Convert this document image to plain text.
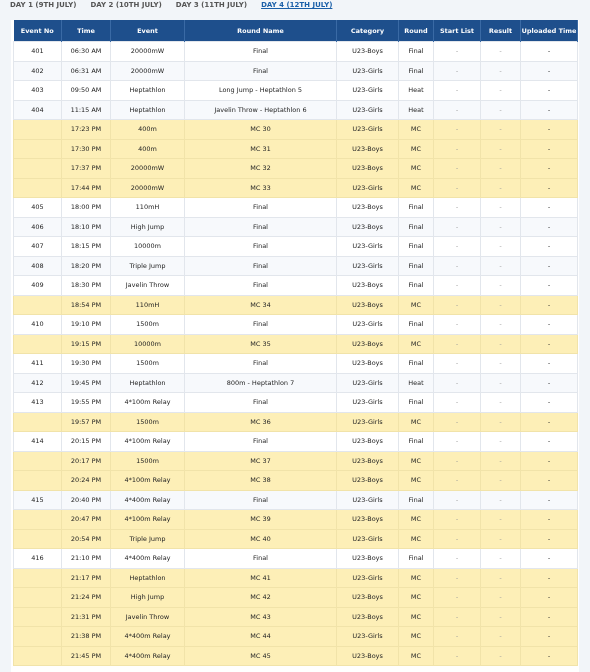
DAY 1 (9TH JULY) DAY 2 (10TH JULY) DAY 3 (11TH JULY) DAY 4 (12TH JULY)
Event No	Time	Event	Round Name	Category	Round	Start List	Result	Uploaded Time
401	06:30 AM	20000mW	Final	U23-Boys	Final	-	-	-
402	06:31 AM	20000mW	Final	U23-Girls	Final	-	-	-
403	09:50 AM	Heptathlon	Long Jump - Heptathlon 5	U23-Girls	Heat	-	-	-
404	11:15 AM	Heptathlon	Javelin Throw - Heptathlon 6	U23-Girls	Heat	-	-	-
	17:23 PM	400m	MC 30	U23-Girls	MC	-	-	-
	17:30 PM	400m	MC 31	U23-Boys	MC	-	-	-
	17:37 PM	20000mW	MC 32	U23-Boys	MC	-	-	-
	17:44 PM	20000mW	MC 33	U23-Girls	MC	-	-	-
405	18:00 PM	110mH	Final	U23-Boys	Final	-	-	-
406	18:10 PM	High Jump	Final	U23-Boys	Final	-	-	-
407	18:15 PM	10000m	Final	U23-Girls	Final	-	-	-
408	18:20 PM	Triple Jump	Final	U23-Girls	Final	-	-	-
409	18:30 PM	Javelin Throw	Final	U23-Boys	Final	-	-	-
	18:54 PM	110mH	MC 34	U23-Boys	MC	-	-	-
410	19:10 PM	1500m	Final	U23-Girls	Final	-	-	-
	19:15 PM	10000m	MC 35	U23-Boys	MC	-	-	-
411	19:30 PM	1500m	Final	U23-Boys	Final	-	-	-
412	19:45 PM	Heptathlon	800m - Heptathlon 7	U23-Girls	Heat	-	-	-
413	19:55 PM	4*100m Relay	Final	U23-Girls	Final	-	-	-
	19:57 PM	1500m	MC 36	U23-Girls	MC	-	-	-
414	20:15 PM	4*100m Relay	Final	U23-Boys	Final	-	-	-
	20:17 PM	1500m	MC 37	U23-Boys	MC	-	-	-
	20:24 PM	4*100m Relay	MC 38	U23-Boys	MC	-	-	-
415	20:40 PM	4*400m Relay	Final	U23-Girls	Final	-	-	-
	20:47 PM	4*100m Relay	MC 39	U23-Boys	MC	-	-	-
	20:54 PM	Triple Jump	MC 40	U23-Girls	MC	-	-	-
416	21:10 PM	4*400m Relay	Final	U23-Boys	Final	-	-	-
	21:17 PM	Heptathlon	MC 41	U23-Girls	MC	-	-	-
	21:24 PM	High Jump	MC 42	U23-Boys	MC	-	-	-
	21:31 PM	Javelin Throw	MC 43	U23-Boys	MC	-	-	-
	21:38 PM	4*400m Relay	MC 44	U23-Girls	MC	-	-	-
	21:45 PM	4*400m Relay	MC 45	U23-Boys	MC	-	-	-
